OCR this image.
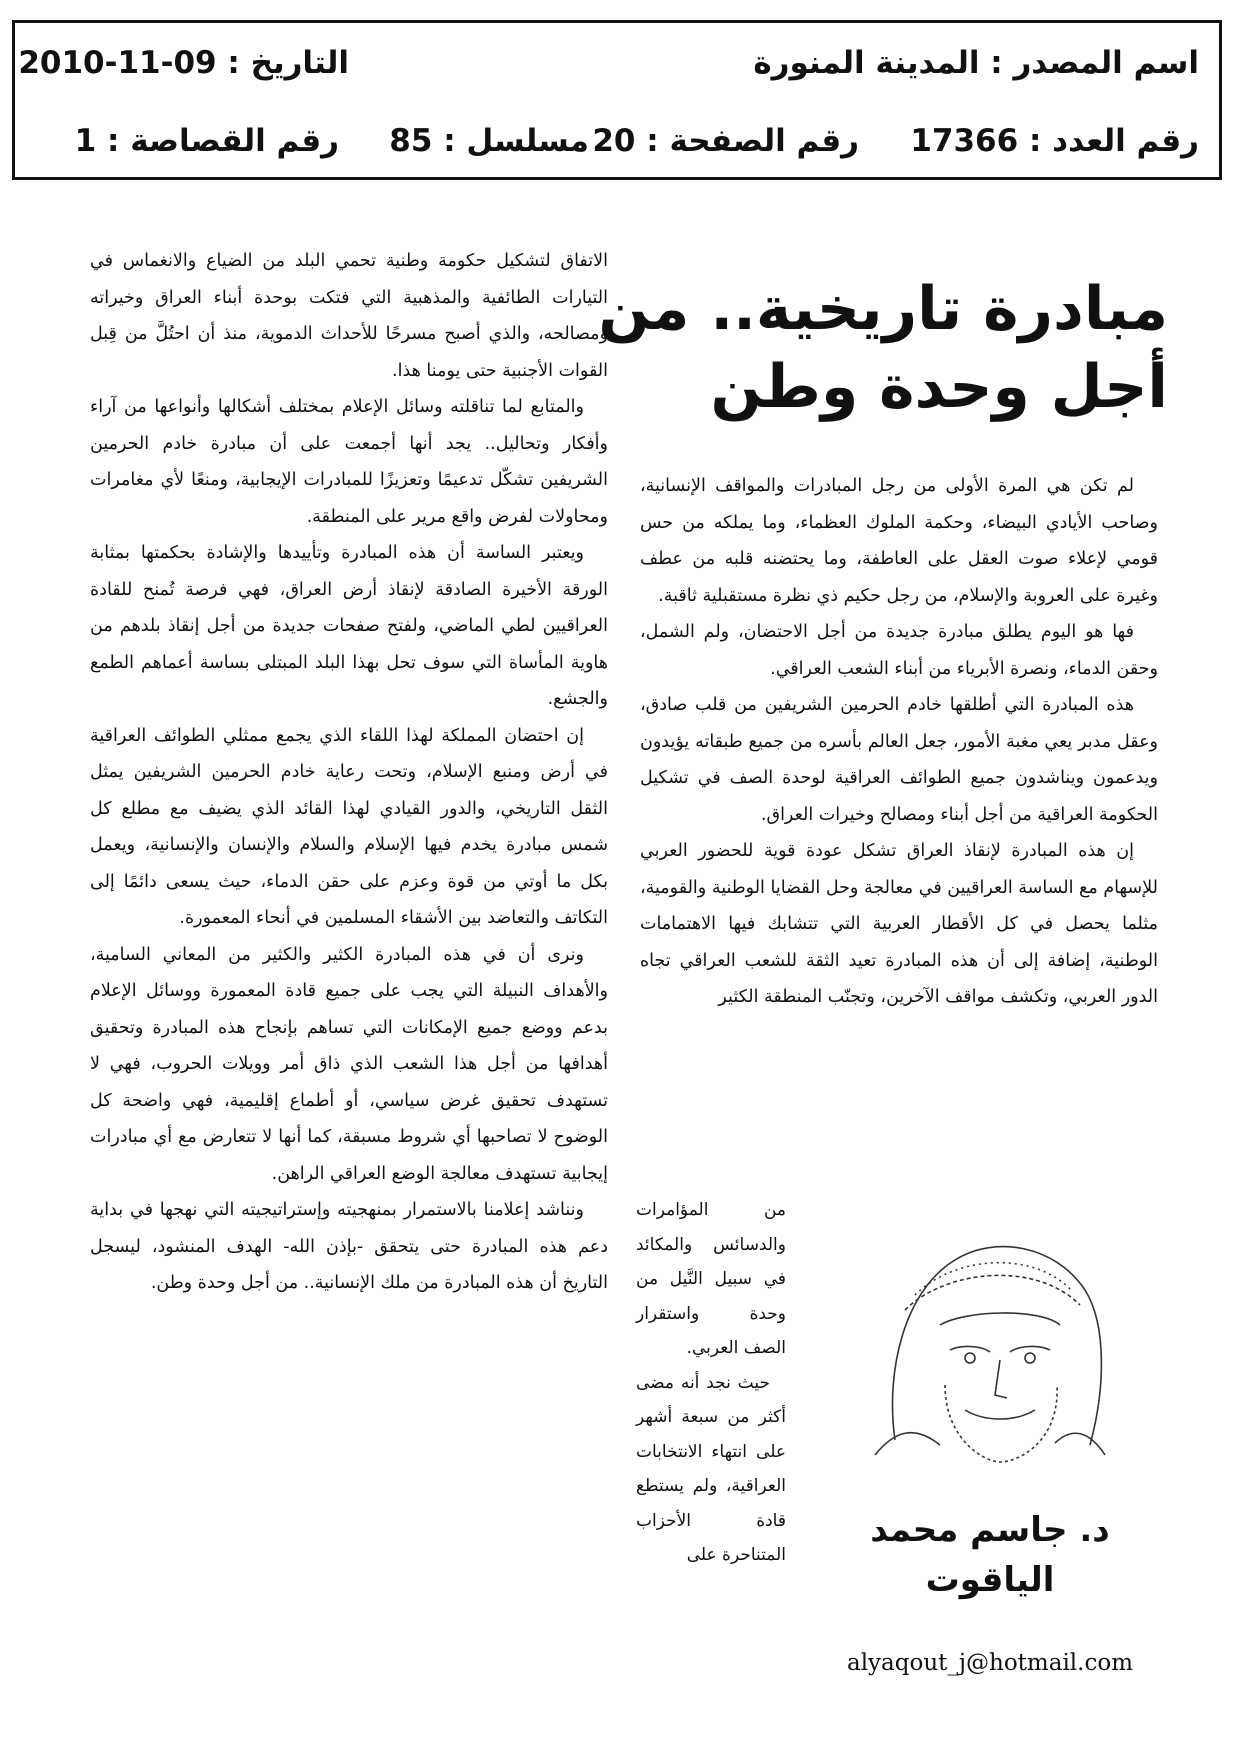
اسم المصدر : المدينة المنورة
التاريخ : 09-11-2010
رقم العدد : 17366
رقم الصفحة : 20
مسلسل : 85
رقم القصاصة : 1
مبادرة تاريخية.. من
أجل وحدة وطن

لم تكن هي المرة الأولى من رجل المبادرات والمواقف الإنسانية، وصاحب الأيادي البيضاء، وحكمة الملوك العظماء، وما يملكه من حس قومي لإعلاء صوت العقل على العاطفة، وما يحتضنه قلبه من عطف وغيرة على العروبة والإسلام، من رجل حكيم ذي نظرة مستقبلية ثاقبة.

فها هو اليوم يطلق مبادرة جديدة من أجل الاحتضان، ولم الشمل، وحقن الدماء، ونصرة الأبرياء من أبناء الشعب العراقي.

هذه المبادرة التي أطلقها خادم الحرمين الشريفين من قلب صادق، وعقل مدبر يعي مغبة الأمور، جعل العالم بأسره من جميع طبقاته يؤيدون ويدعمون ويناشدون جميع الطوائف العراقية لوحدة الصف في تشكيل الحكومة العراقية من أجل أبناء ومصالح وخيرات العراق.

إن هذه المبادرة لإنقاذ العراق تشكل عودة قوية للحضور العربي للإسهام مع الساسة العراقيين في معالجة وحل القضايا الوطنية والقومية، مثلما يحصل في كل الأقطار العربية التي تتشابك فيها الاهتمامات الوطنية، إضافة إلى أن هذه المبادرة تعيد الثقة للشعب العراقي تجاه الدور العربي، وتكشف مواقف الآخرين، وتجنّب المنطقة الكثير

من المؤامرات والدسائس والمكائد في سبيل النَّيل من وحدة واستقرار الصف العربي.

حيث نجد أنه مضى أكثر من سبعة أشهر على انتهاء الانتخابات العراقية، ولم يستطع قادة الأحزاب المتناحرة على

د. جاسم محمد
الياقوت
alyaqout_j@hotmail.com

الاتفاق لتشكيل حكومة وطنية تحمي البلد من الضياع والانغماس في التيارات الطائفية والمذهبية التي فتكت بوحدة أبناء العراق وخيراته ومصالحه، والذي أصبح مسرحًا للأحداث الدموية، منذ أن احتُلَّ من قِبل القوات الأجنبية حتى يومنا هذا.

والمتابع لما تناقلته وسائل الإعلام بمختلف أشكالها وأنواعها من آراء وأفكار وتحاليل.. يجد أنها أجمعت على أن مبادرة خادم الحرمين الشريفين تشكّل تدعيمًا وتعزيزًا للمبادرات الإيجابية، ومنعًا لأي مغامرات ومحاولات لفرض واقع مرير على المنطقة.

ويعتبر الساسة أن هذه المبادرة وتأييدها والإشادة بحكمتها بمثابة الورقة الأخيرة الصادقة لإنقاذ أرض العراق، فهي فرصة تُمنح للقادة العراقيين لطي الماضي، ولفتح صفحات جديدة من أجل إنقاذ بلدهم من هاوية المأساة التي سوف تحل بهذا البلد المبتلى بساسة أعماهم الطمع والجشع.

إن احتضان المملكة لهذا اللقاء الذي يجمع ممثلي الطوائف العراقية في أرض ومنبع الإسلام، وتحت رعاية خادم الحرمين الشريفين يمثل الثقل التاريخي، والدور القيادي لهذا القائد الذي يضيف مع مطلع كل شمس مبادرة يخدم فيها الإسلام والسلام والإنسان والإنسانية، ويعمل بكل ما أوتي من قوة وعزم على حقن الدماء، حيث يسعى دائمًا إلى التكاتف والتعاضد بين الأشقاء المسلمين في أنحاء المعمورة.

ونرى أن في هذه المبادرة الكثير والكثير من المعاني السامية، والأهداف النبيلة التي يجب على جميع قادة المعمورة ووسائل الإعلام بدعم ووضع جميع الإمكانات التي تساهم بإنجاح هذه المبادرة وتحقيق أهدافها من أجل هذا الشعب الذي ذاق أمر وويلات الحروب، فهي لا تستهدف تحقيق غرض سياسي، أو أطماع إقليمية، فهي واضحة كل الوضوح لا تصاحبها أي شروط مسبقة، كما أنها لا تتعارض مع أي مبادرات إيجابية تستهدف معالجة الوضع العراقي الراهن.

ونناشد إعلامنا بالاستمرار بمنهجيته وإستراتيجيته التي نهجها في بداية دعم هذه المبادرة حتى يتحقق -بإذن الله- الهدف المنشود، ليسجل التاريخ أن هذه المبادرة من ملك الإنسانية.. من أجل وحدة وطن.
